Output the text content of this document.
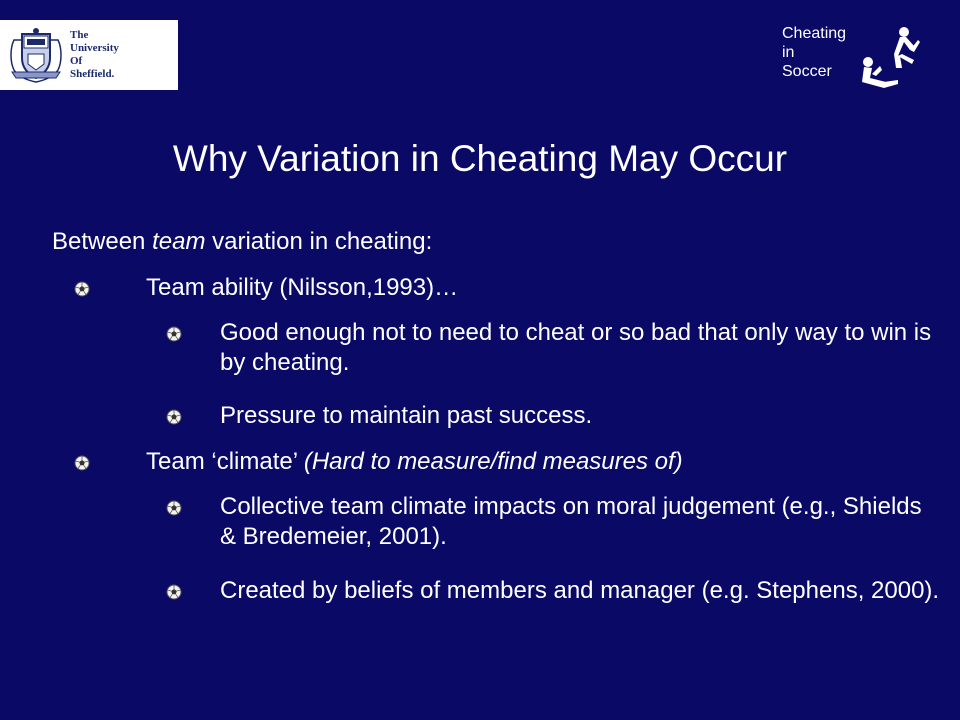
The
University
Of
Sheffield.
Cheating
in
Soccer
Why Variation in Cheating May Occur
Between team variation in cheating:
Team ability (Nilsson,1993)…
Good enough not to need to cheat or so bad that only way to win is by cheating.
Pressure to maintain past success.
Team ‘climate’ (Hard to measure/find measures of)
Collective team climate impacts on moral judgement (e.g., Shields & Bredemeier, 2001).
Created by beliefs of members and manager (e.g. Stephens, 2000).
